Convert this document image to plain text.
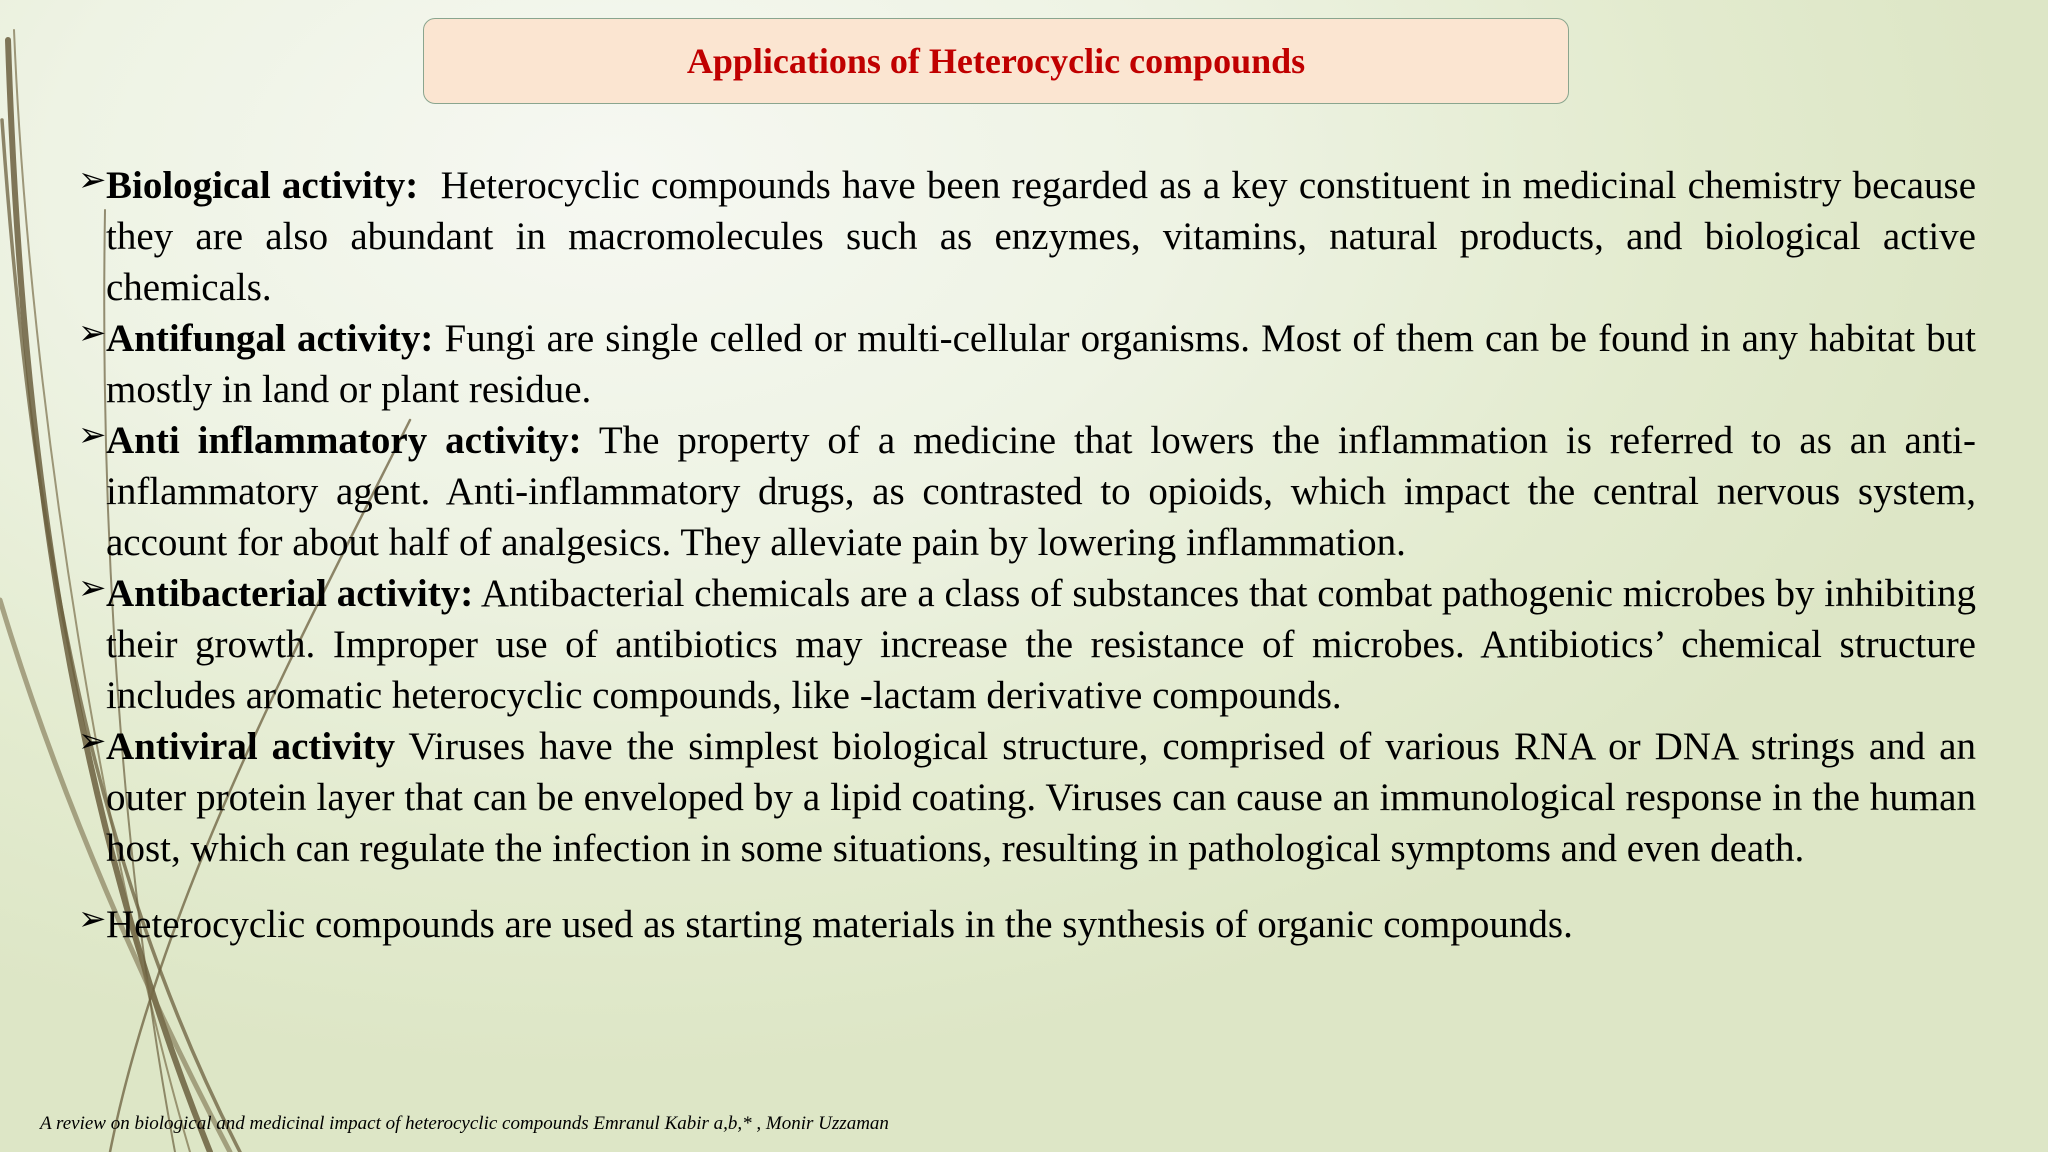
Applications of Heterocyclic compounds

➢ Biological activity: Heterocyclic compounds have been regarded as a key constituent in medicinal chemistry because they are also abundant in macromolecules such as enzymes, vitamins, natural products, and biological active chemicals.

➢ Antifungal activity: Fungi are single celled or multi-cellular organisms. Most of them can be found in any habitat but mostly in land or plant residue.

➢ Anti inflammatory activity: The property of a medicine that lowers the inflammation is referred to as an anti-inflammatory agent. Anti-inflammatory drugs, as contrasted to opioids, which impact the central nervous system, account for about half of analgesics. They alleviate pain by lowering inflammation.

➢ Antibacterial activity: Antibacterial chemicals are a class of substances that combat pathogenic microbes by inhibiting their growth. Improper use of antibiotics may increase the resistance of microbes. Antibiotics’ chemical structure includes aromatic heterocyclic compounds, like -lactam derivative compounds.

➢ Antiviral activity Viruses have the simplest biological structure, comprised of various RNA or DNA strings and an outer protein layer that can be enveloped by a lipid coating. Viruses can cause an immunological response in the human host, which can regulate the infection in some situations, resulting in pathological symptoms and even death.

➢ Heterocyclic compounds are used as starting materials in the synthesis of organic compounds.

A review on biological and medicinal impact of heterocyclic compounds Emranul Kabir a,b,* , Monir Uzzaman
